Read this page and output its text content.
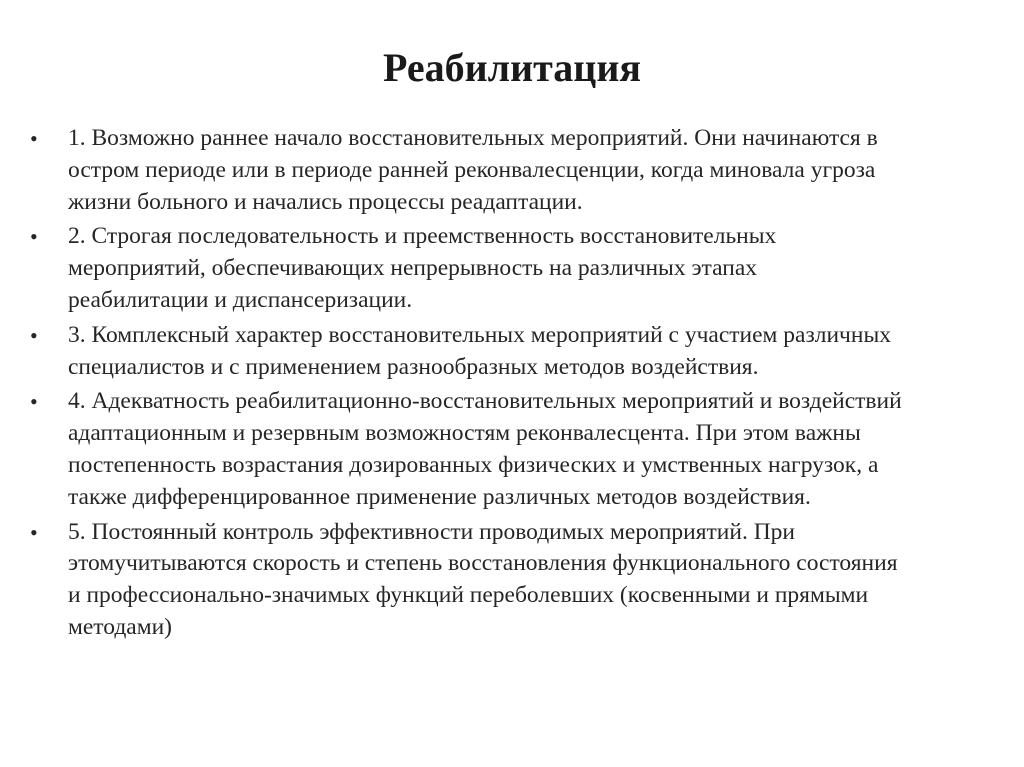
Реабилитация
• 1. Возможно раннее начало восстановительных мероприятий. Они начинаются в
остром периоде или в периоде ранней реконвалесценции, когда миновала угроза
жизни больного и начались процессы реадаптации.
• 2. Строгая последовательность и преемственность восстановительных
мероприятий, обеспечивающих непрерывность на различных этапах
реабилитации и диспансеризации.
• 3. Комплексный характер восстановительных мероприятий с участием различных
специалистов и с применением разнообразных методов воздействия.
• 4. Адекватность реабилитационно-восстановительных мероприятий и воздействий
адаптационным и резервным возможностям реконвалесцента. При этом важны
постепенность возрастания дозированных физических и умственных нагрузок, а
также дифференцированное применение различных методов воздействия.
• 5. Постоянный контроль эффективности проводимых мероприятий. При
этомучитываются скорость и степень восстановления функционального состояния
и профессионально-значимых функций переболевших (косвенными и прямыми
методами)
